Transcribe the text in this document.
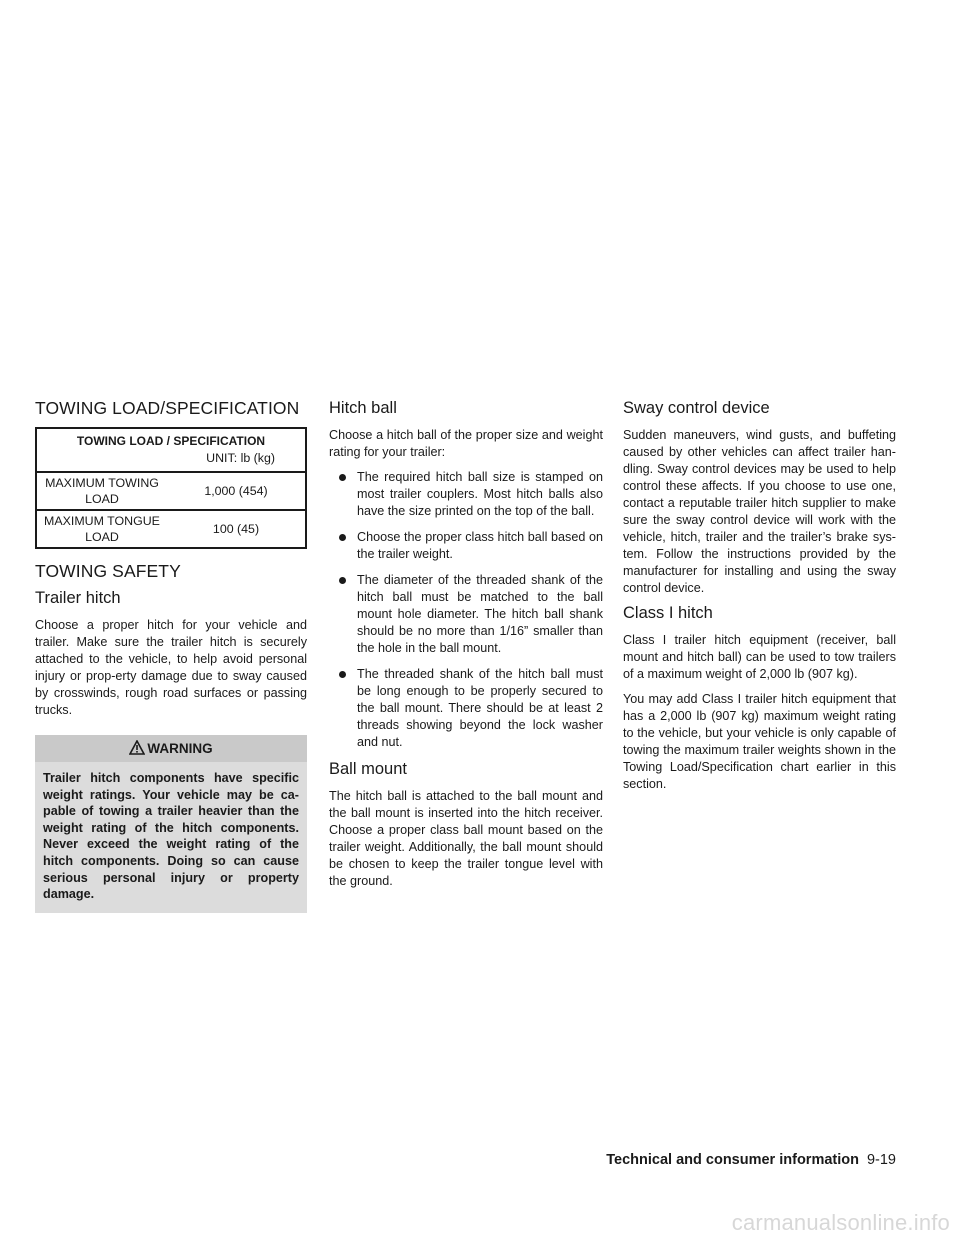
TOWING LOAD/SPECIFICATION
TOWING LOAD / SPECIFICATION	
UNIT: lb (kg)	
MAXIMUM TOWING
LOAD	1,000 (454)
MAXIMUM TONGUE
LOAD	100 (45)
TOWING SAFETY
Trailer hitch

Choose a proper hitch for your vehicle and trailer. Make sure the trailer hitch is securely attached to the vehicle, to help avoid personal injury or prop-erty damage due to sway caused by crosswinds, rough road surfaces or passing trucks.

WARNING
Trailer hitch components have specific weight ratings. Your vehicle may be ca-pable of towing a trailer heavier than the weight rating of the hitch components. Never exceed the weight rating of the hitch components. Doing so can cause serious personal injury or property damage.
Hitch ball

Choose a hitch ball of the proper size and weight rating for your trailer:

The required hitch ball size is stamped on most trailer couplers. Most hitch balls also have the size printed on the top of the ball.
Choose the proper class hitch ball based on the trailer weight.
The diameter of the threaded shank of the hitch ball must be matched to the ball mount hole diameter. The hitch ball shank should be no more than 1/16” smaller than the hole in the ball mount.
The threaded shank of the hitch ball must be long enough to be properly secured to the ball mount. There should be at least 2 threads showing beyond the lock washer and nut.
Ball mount

The hitch ball is attached to the ball mount and the ball mount is inserted into the hitch receiver. Choose a proper class ball mount based on the trailer weight. Additionally, the ball mount should be chosen to keep the trailer tongue level with the ground.

Sway control device

Sudden maneuvers, wind gusts, and buffeting caused by other vehicles can affect trailer han-dling. Sway control devices may be used to help control these affects. If you choose to use one, contact a reputable trailer hitch supplier to make sure the sway control device will work with the vehicle, hitch, trailer and the trailer’s brake sys-tem. Follow the instructions provided by the manufacturer for installing and using the sway control device.

Class I hitch

Class I trailer hitch equipment (receiver, ball mount and hitch ball) can be used to tow trailers of a maximum weight of 2,000 lb (907 kg).

You may add Class I trailer hitch equipment that has a 2,000 lb (907 kg) maximum weight rating to the vehicle, but your vehicle is only capable of towing the maximum trailer weights shown in the Towing Load/Specification chart earlier in this section.

Technical and consumer information 9-19
carmanualsonline.info
